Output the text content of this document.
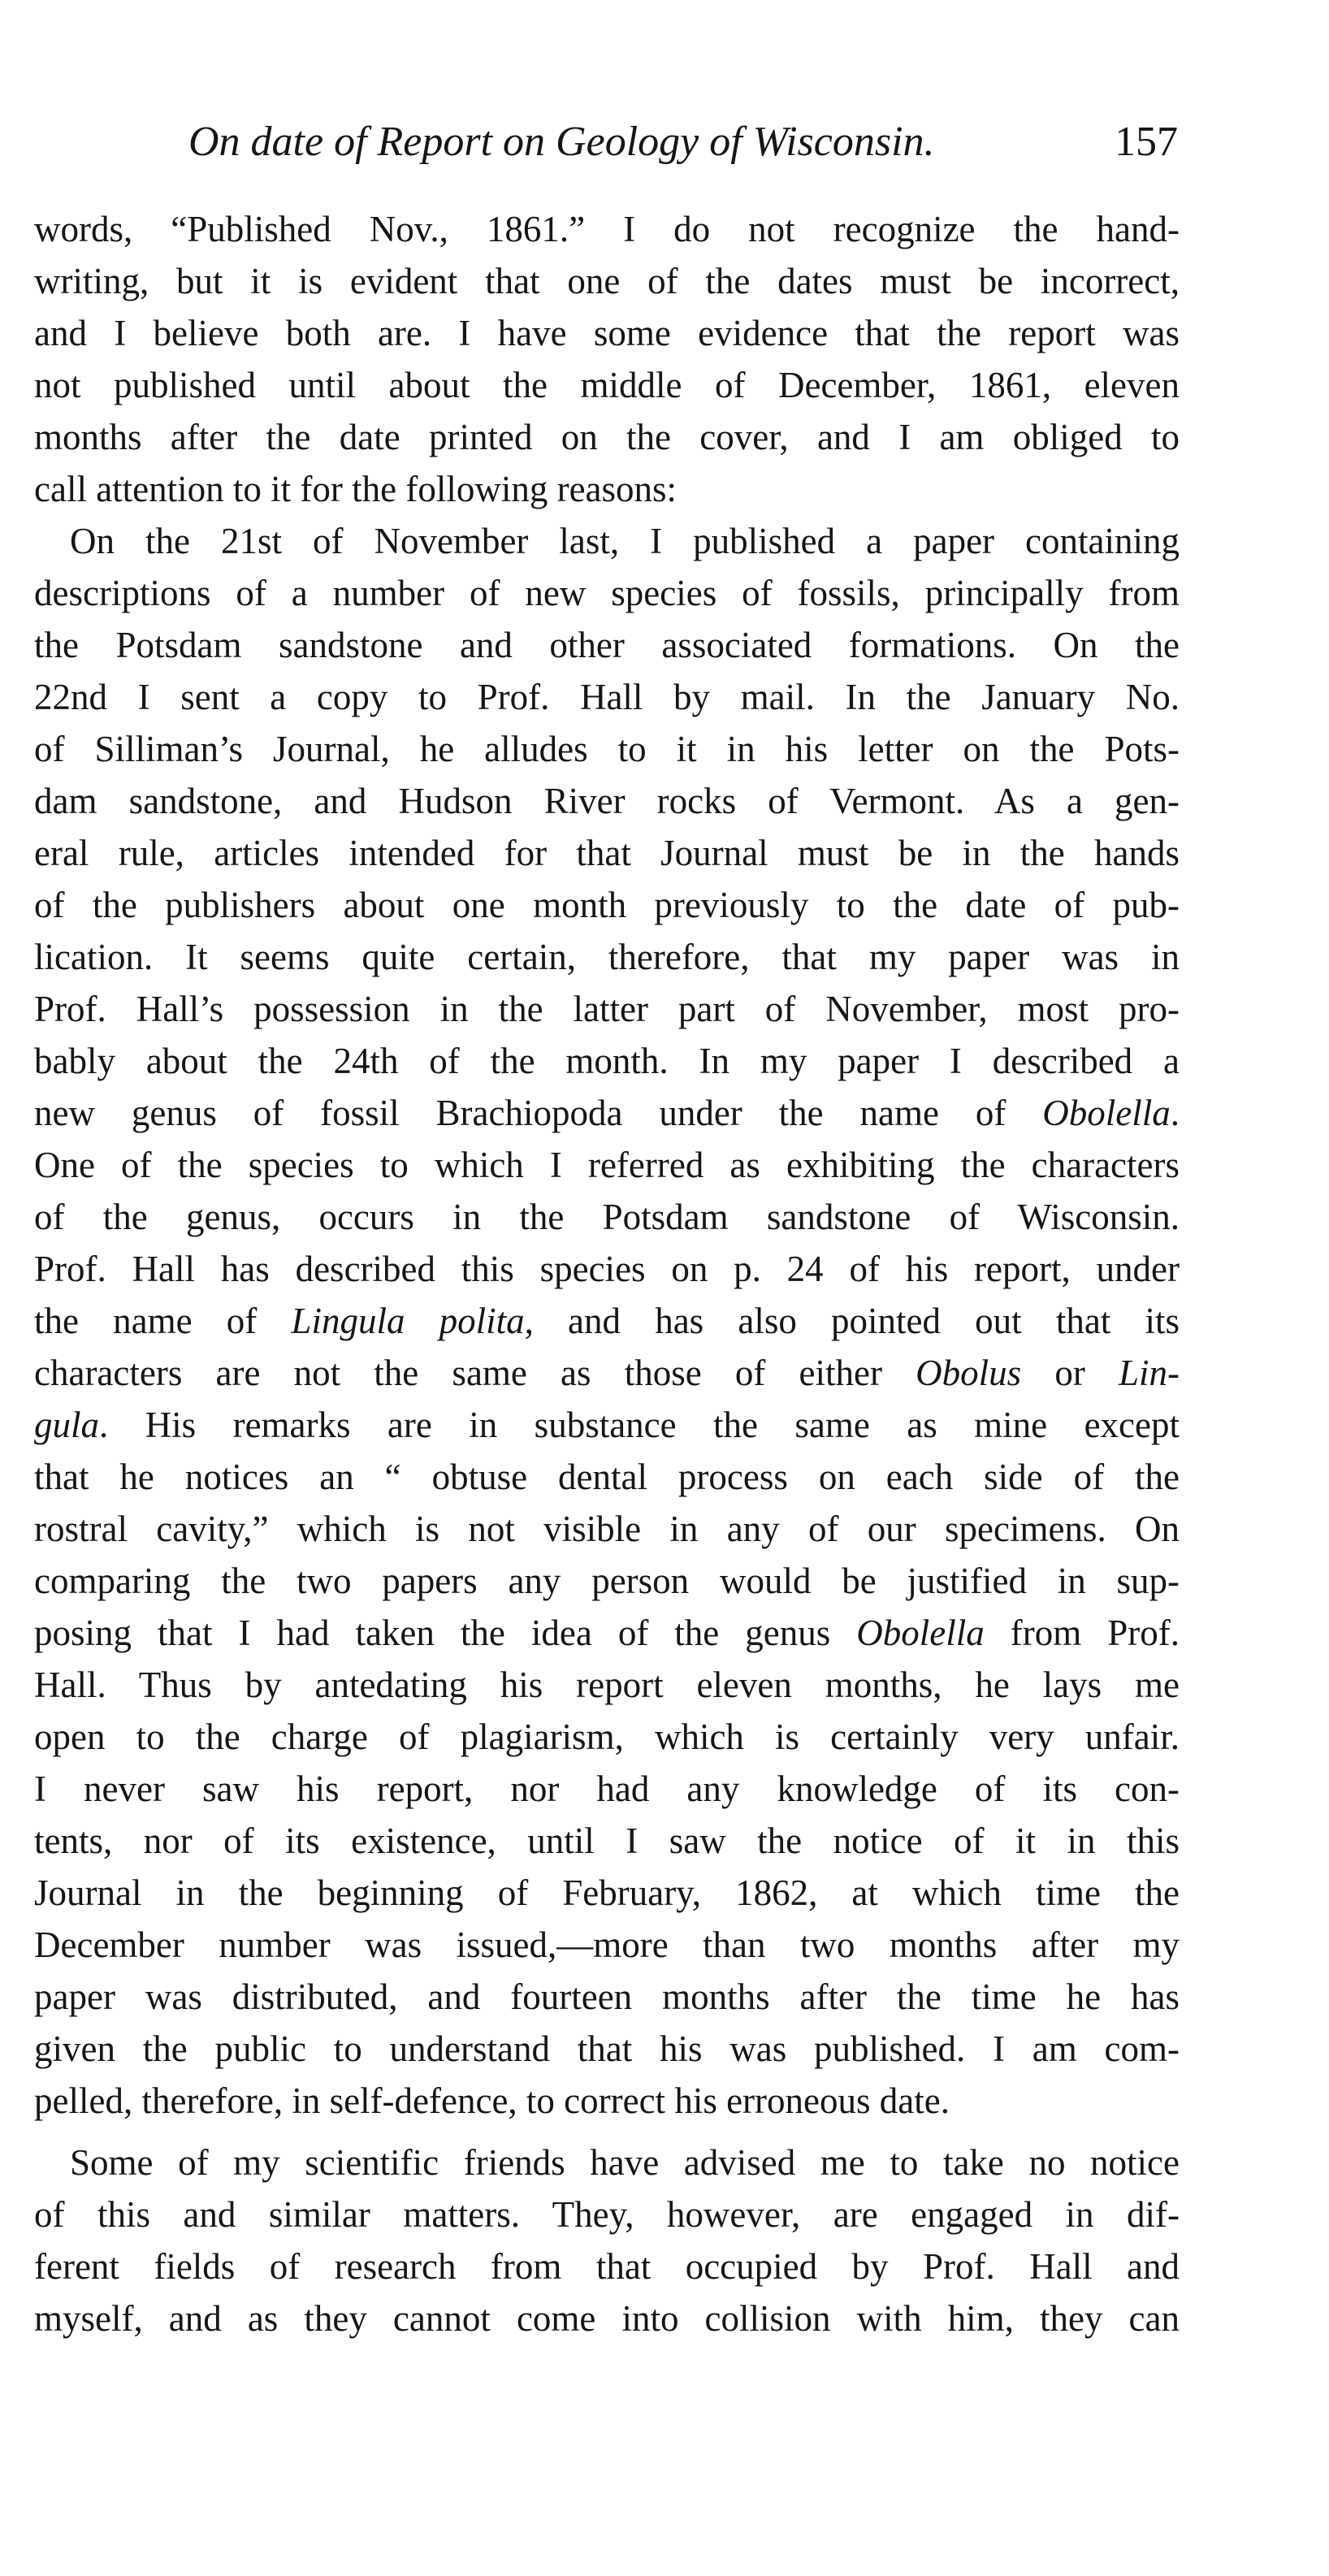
On date of Report on Geology of Wisconsin.	157
words, “Published Nov., 1861.” I do not recognize the hand-
writing, but it is evident that one of the dates must be incorrect,
and I believe both are. I have some evidence that the report was
not published until about the middle of December, 1861, eleven
months after the date printed on the cover, and I am obliged to
call attention to it for the following reasons:
On the 21st of November last, I published a paper containing
descriptions of a number of new species of fossils, principally from
the Potsdam sandstone and other associated formations. On the
22nd I sent a copy to Prof. Hall by mail. In the January No.
of Silliman’s Journal, he alludes to it in his letter on the Pots-
dam sandstone, and Hudson River rocks of Vermont. As a gen-
eral rule, articles intended for that Journal must be in the hands
of the publishers about one month previously to the date of pub-
lication. It seems quite certain, therefore, that my paper was in
Prof. Hall’s possession in the latter part of November, most pro-
bably about the 24th of the month. In my paper I described a
new genus of fossil Brachiopoda under the name of Obolella.
One of the species to which I referred as exhibiting the characters
of the genus, occurs in the Potsdam sandstone of Wisconsin.
Prof. Hall has described this species on p. 24 of his report, under
the name of Lingula polita, and has also pointed out that its
characters are not the same as those of either Obolus or Lin-
gula. His remarks are in substance the same as mine except
that he notices an “ obtuse dental process on each side of the
rostral cavity,” which is not visible in any of our specimens. On
comparing the two papers any person would be justified in sup-
posing that I had taken the idea of the genus Obolella from Prof.
Hall. Thus by antedating his report eleven months, he lays me
open to the charge of plagiarism, which is certainly very unfair.
I never saw his report, nor had any knowledge of its con-
tents, nor of its existence, until I saw the notice of it in this
Journal in the beginning of February, 1862, at which time the
December number was issued,—more than two months after my
paper was distributed, and fourteen months after the time he has
given the public to understand that his was published. I am com-
pelled, therefore, in self-defence, to correct his erroneous date.
Some of my scientific friends have advised me to take no notice
of this and similar matters. They, however, are engaged in dif-
ferent fields of research from that occupied by Prof. Hall and
myself, and as they cannot come into collision with him, they can
